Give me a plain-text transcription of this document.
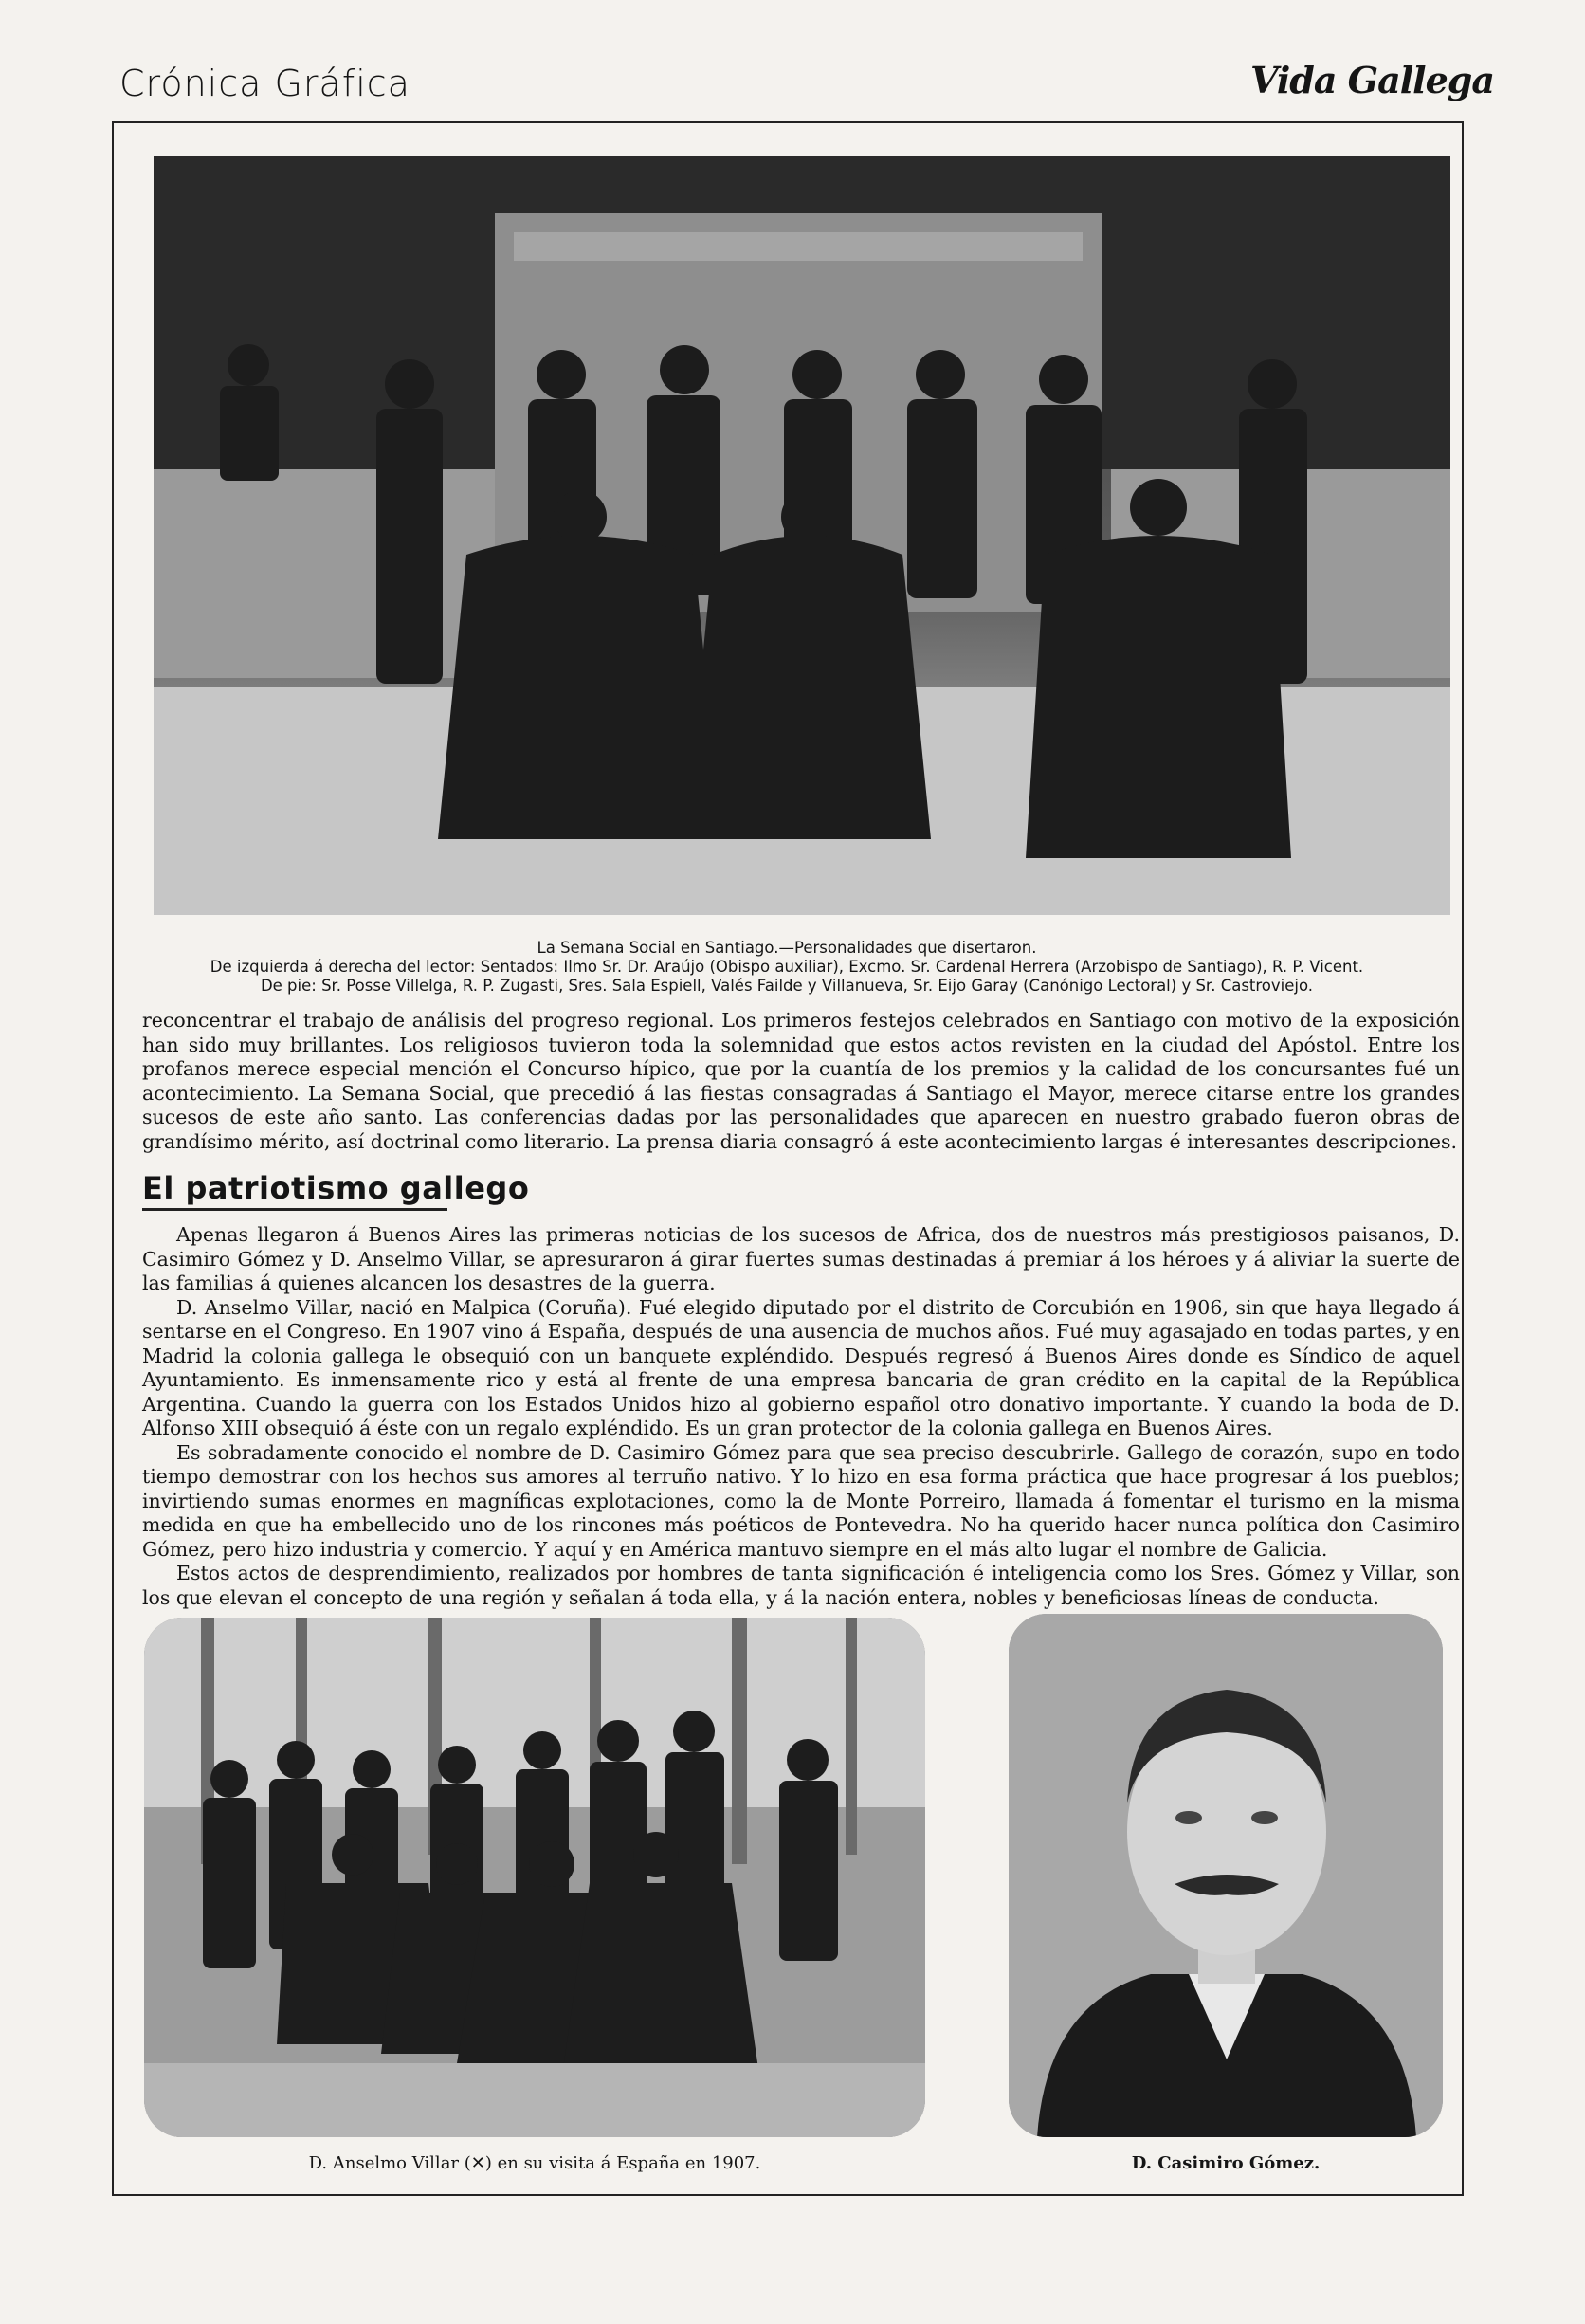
Crónica Gráfica	Vida Gallega
La Semana Social en Santiago.—Personalidades que disertaron.
De izquierda á derecha del lector: Sentados: Ilmo Sr. Dr. Araújo (Obispo auxiliar), Excmo. Sr. Cardenal Herrera (Arzobispo de Santiago), R. P. Vicent.
De pie: Sr. Posse Villelga, R. P. Zugasti, Sres. Sala Espiell, Valés Failde y Villanueva, Sr. Eijo Garay (Canónigo Lectoral) y Sr. Castroviejo.

reconcentrar el trabajo de análisis del progreso regional. Los primeros festejos celebrados en Santiago con motivo de la exposición han sido muy brillantes. Los religiosos tuvieron toda la solemnidad que estos actos revisten en la ciudad del Apóstol. Entre los profanos merece especial mención el Concurso hípico, que por la cuantía de los premios y la calidad de los concursantes fué un acontecimiento. La Semana Social, que precedió á las fiestas consagradas á Santiago el Mayor, merece citarse entre los grandes sucesos de este año santo. Las conferencias dadas por las personalidades que aparecen en nuestro grabado fueron obras de grandísimo mérito, así doctrinal como literario. La prensa diaria consagró á este acontecimiento largas é interesantes descripciones.

El patriotismo gallego

Apenas llegaron á Buenos Aires las primeras noticias de los sucesos de Africa, dos de nuestros más prestigiosos paisanos, D. Casimiro Gómez y D. Anselmo Villar, se apresuraron á girar fuertes sumas destinadas á premiar á los héroes y á aliviar la suerte de las familias á quienes alcancen los desastres de la guerra.

D. Anselmo Villar, nació en Malpica (Coruña). Fué elegido diputado por el distrito de Corcubión en 1906, sin que haya llegado á sentarse en el Congreso. En 1907 vino á España, después de una ausencia de muchos años. Fué muy agasajado en todas partes, y en Madrid la colonia gallega le obsequió con un banquete expléndido. Después regresó á Buenos Aires donde es Síndico de aquel Ayuntamiento. Es inmensamente rico y está al frente de una empresa bancaria de gran crédito en la capital de la República Argentina. Cuando la guerra con los Estados Unidos hizo al gobierno español otro donativo importante. Y cuando la boda de D. Alfonso XIII obsequió á éste con un regalo expléndido. Es un gran protector de la colonia gallega en Buenos Aires.

Es sobradamente conocido el nombre de D. Casimiro Gómez para que sea preciso descubrirle. Gallego de corazón, supo en todo tiempo demostrar con los hechos sus amores al terruño nativo. Y lo hizo en esa forma práctica que hace progresar á los pueblos; invirtiendo sumas enormes en magníficas explotaciones, como la de Monte Porreiro, llamada á fomentar el turismo en la misma medida en que ha embellecido uno de los rincones más poéticos de Pontevedra. No ha querido hacer nunca política don Casimiro Gómez, pero hizo industria y comercio. Y aquí y en América mantuvo siempre en el más alto lugar el nombre de Galicia.

Estos actos de desprendimiento, realizados por hombres de tanta significación é inteligencia como los Sres. Gómez y Villar, son los que elevan el concepto de una región y señalan á toda ella, y á la nación entera, nobles y beneficiosas líneas de conducta.

D. Anselmo Villar (✕) en su visita á España en 1907.	D. Casimiro Gómez.
